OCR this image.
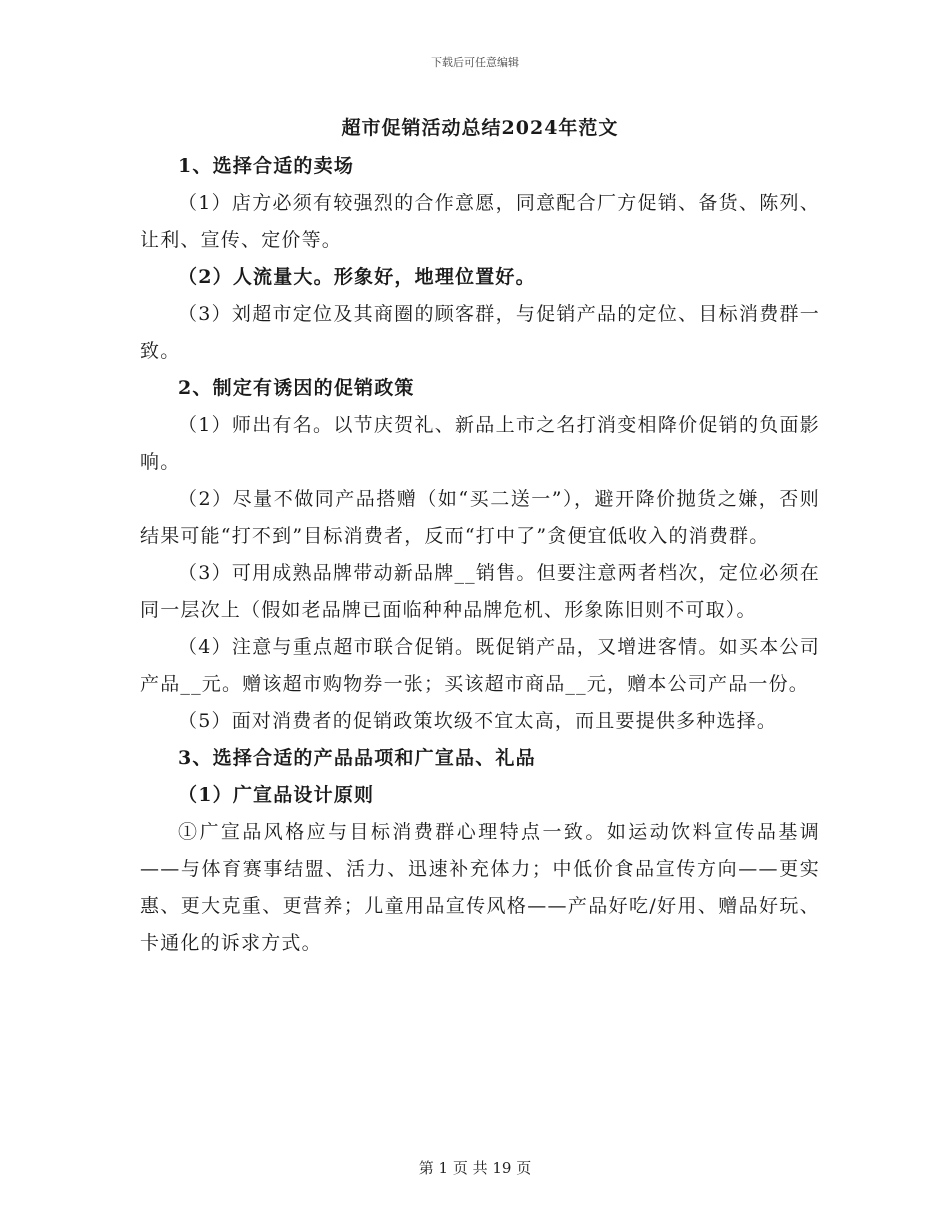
下载后可任意编辑
超市促销活动总结2024年范文

1、选择合适的卖场

（1）店方必须有较强烈的合作意愿，同意配合厂方促销、备货、陈列、让利、宣传、定价等。

（2）人流量大。形象好，地理位置好。

（3）刘超市定位及其商圈的顾客群，与促销产品的定位、目标消费群一致。

2、制定有诱因的促销政策

（1）师出有名。以节庆贺礼、新品上市之名打消变相降价促销的负面影响。

（2）尽量不做同产品搭赠（如“买二送一”），避开降价抛货之嫌，否则结果可能“打不到”目标消费者，反而“打中了”贪便宜低收入的消费群。

（3）可用成熟品牌带动新品牌__销售。但要注意两者档次，定位必须在同一层次上（假如老品牌已面临种种品牌危机、形象陈旧则不可取）。

（4）注意与重点超市联合促销。既促销产品，又增进客情。如买本公司产品__元。赠该超市购物券一张；买该超市商品__元，赠本公司产品一份。

（5）面对消费者的促销政策坎级不宜太高，而且要提供多种选择。

3、选择合适的产品品项和广宣品、礼品

（1）广宣品设计原则

①广宣品风格应与目标消费群心理特点一致。如运动饮料宣传品基调——与体育赛事结盟、活力、迅速补充体力；中低价食品宣传方向——更实惠、更大克重、更营养；儿童用品宣传风格——产品好吃/好用、赠品好玩、卡通化的诉求方式。

第 1 页 共 19 页
